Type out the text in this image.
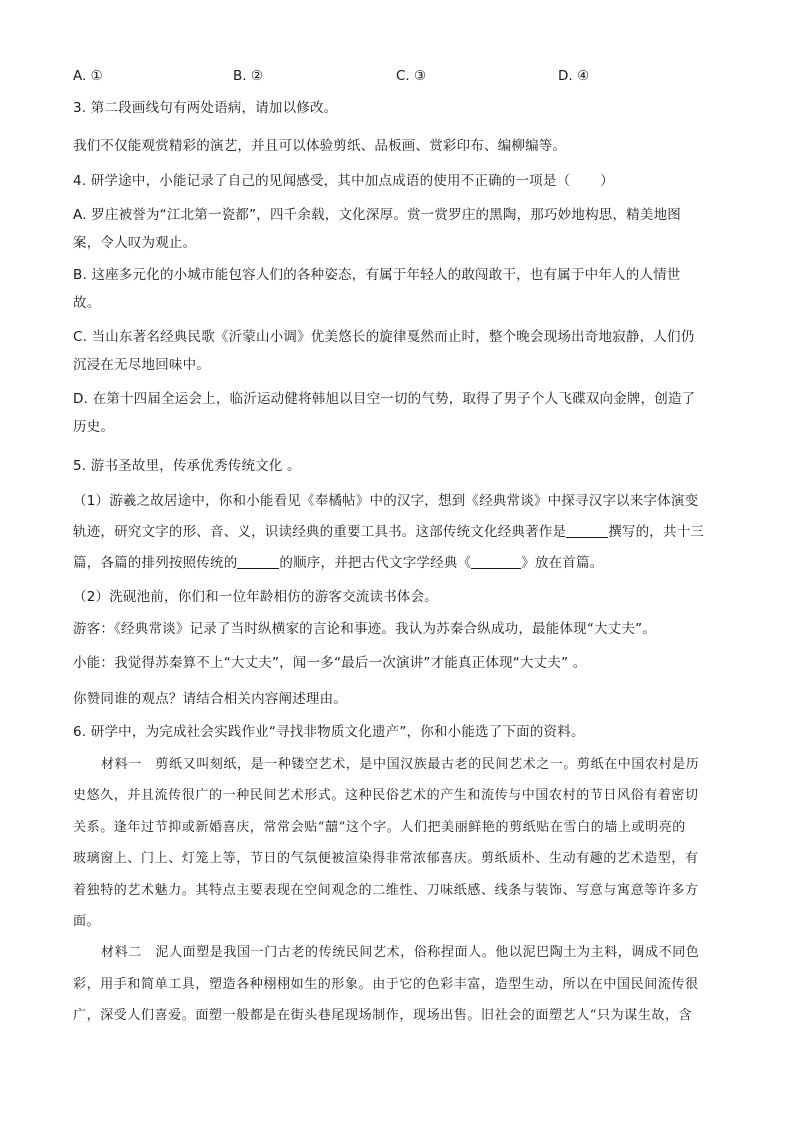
A. ①	B. ②	C. ③	D. ④
3. 第二段画线句有两处语病，请加以修改。
我们不仅能观赏精彩的演艺，并且可以体验剪纸、品板画、赏彩印布、编柳编等。
4. 研学途中，小能记录了自己的见闻感受，其中加点成语的使用不正确的一项是（ ）
A. 罗庄被誉为“江北第一瓷都”，四千余载，文化深厚。赏一赏罗庄的黑陶，那巧妙地构思，精美地图
案，令人叹为观止。
B. 这座多元化的小城市能包容人们的各种姿态，有属于年轻人的敢闯敢干，也有属于中年人的人情世
故。
C. 当山东著名经典民歌《沂蒙山小调》优美悠长的旋律戛然而止时，整个晚会现场出奇地寂静，人们仍
沉浸在无尽地回味中。
D. 在第十四届全运会上，临沂运动健将韩旭以目空一切的气势，取得了男子个人飞碟双向金牌，创造了
历史。
5. 游书圣故里，传承优秀传统文化 。
（1）游羲之故居途中，你和小能看见《奉橘帖》中的汉字，想到《经典常谈》中探寻汉字以来字体演变
轨迹，研究文字的形、音、义，识读经典的重要工具书。这部传统文化经典著作是	撰写的，共十三
篇，各篇的排列按照传统的	的顺序，并把古代文字学经典《	》放在首篇。
（2）洗砚池前，你们和一位年龄相仿的游客交流读书体会。
游客：《经典常谈》记录了当时纵横家的言论和事迹。我认为苏秦合纵成功，最能体现“大丈夫”。
小能：我觉得苏秦算不上“大丈夫”，闻一多“最后一次演讲”才能真正体现“大丈夫” 。
你赞同谁的观点？请结合相关内容阐述理由。
6. 研学中，为完成社会实践作业“寻找非物质文化遗产”，你和小能选了下面的资料。
材料一　剪纸又叫刻纸，是一种镂空艺术，是中国汉族最古老的民间艺术之一。剪纸在中国农村是历
史悠久，并且流传很广的一种民间艺术形式。这种民俗艺术的产生和流传与中国农村的节日风俗有着密切
关系。逢年过节抑或新婚喜庆，常常会贴“囍”这个字。人们把美丽鲜艳的剪纸贴在雪白的墙上或明亮的
玻璃窗上、门上、灯笼上等，节日的气氛便被渲染得非常浓郁喜庆。剪纸质朴、生动有趣的艺术造型，有
着独特的艺术魅力。其特点主要表现在空间观念的二维性、刀味纸感、线条与装饰、写意与寓意等许多方
面。
材料二　泥人面塑是我国一门古老的传统民间艺术，俗称捏面人。他以泥巴陶土为主料，调成不同色
彩，用手和简单工具，塑造各种栩栩如生的形象。由于它的色彩丰富，造型生动，所以在中国民间流传很
广，深受人们喜爱。面塑一般都是在街头巷尾现场制作，现场出售。旧社会的面塑艺人“只为谋生故，含
